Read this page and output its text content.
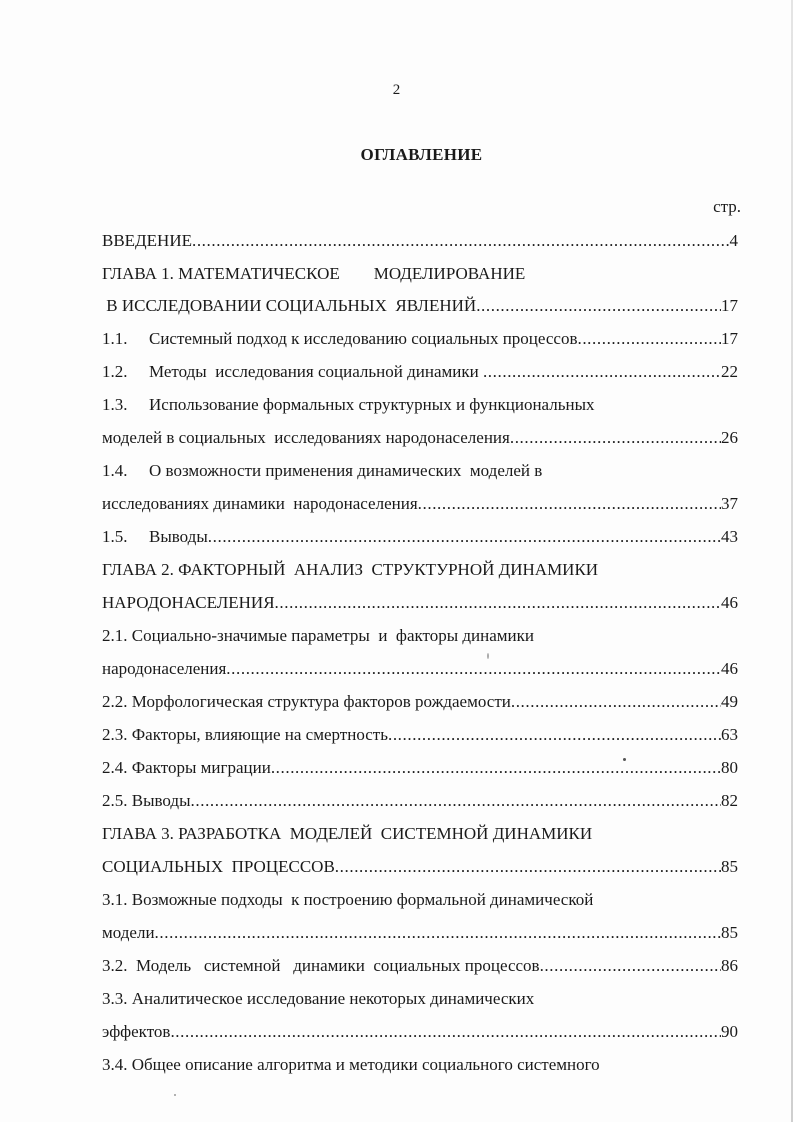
2
ОГЛАВЛЕНИЕ
стр.
ВВЕДЕНИЕ .....	4
ГЛАВА 1. МАТЕМАТИЧЕСКОЕ        МОДЕЛИРОВАНИЕ
В ИССЛЕДОВАНИИ СОЦИАЛЬНЫХ  ЯВЛЕНИЙ .....	17
1.1.	Системный подход к исследованию социальных процессов .....	17
1.2.	Методы  исследования социальной динамики .....	22
1.3.	Использование формальных структурных и функциональных
моделей в социальных  исследованиях народонаселения .....	26
1.4.	О возможности применения динамических  моделей в
исследованиях динамики  народонаселения .....	37
1.5.	Выводы .....	43
ГЛАВА 2. ФАКТОРНЫЙ  АНАЛИЗ  СТРУКТУРНОЙ ДИНАМИКИ
НАРОДОНАСЕЛЕНИЯ .....	46
2.1. Социально-значимые параметры  и  факторы динамики
народонаселения .....	46
2.2. Морфологическая структура факторов рождаемости .....	49
2.3. Факторы, влияющие на смертность .....	63
2.4. Факторы миграции .....	80
2.5. Выводы .....	82
ГЛАВА 3. РАЗРАБОТКА  МОДЕЛЕЙ  СИСТЕМНОЙ ДИНАМИКИ
СОЦИАЛЬНЫХ  ПРОЦЕССОВ .....	85
3.1. Возможные подходы  к построению формальной динамической
модели .....	85
3.2.  Модель   системной   динамики  социальных процессов .....	86
3.3. Аналитическое исследование некоторых динамических
эффектов .....	90
3.4. Общее описание алгоритма и методики социального системного
